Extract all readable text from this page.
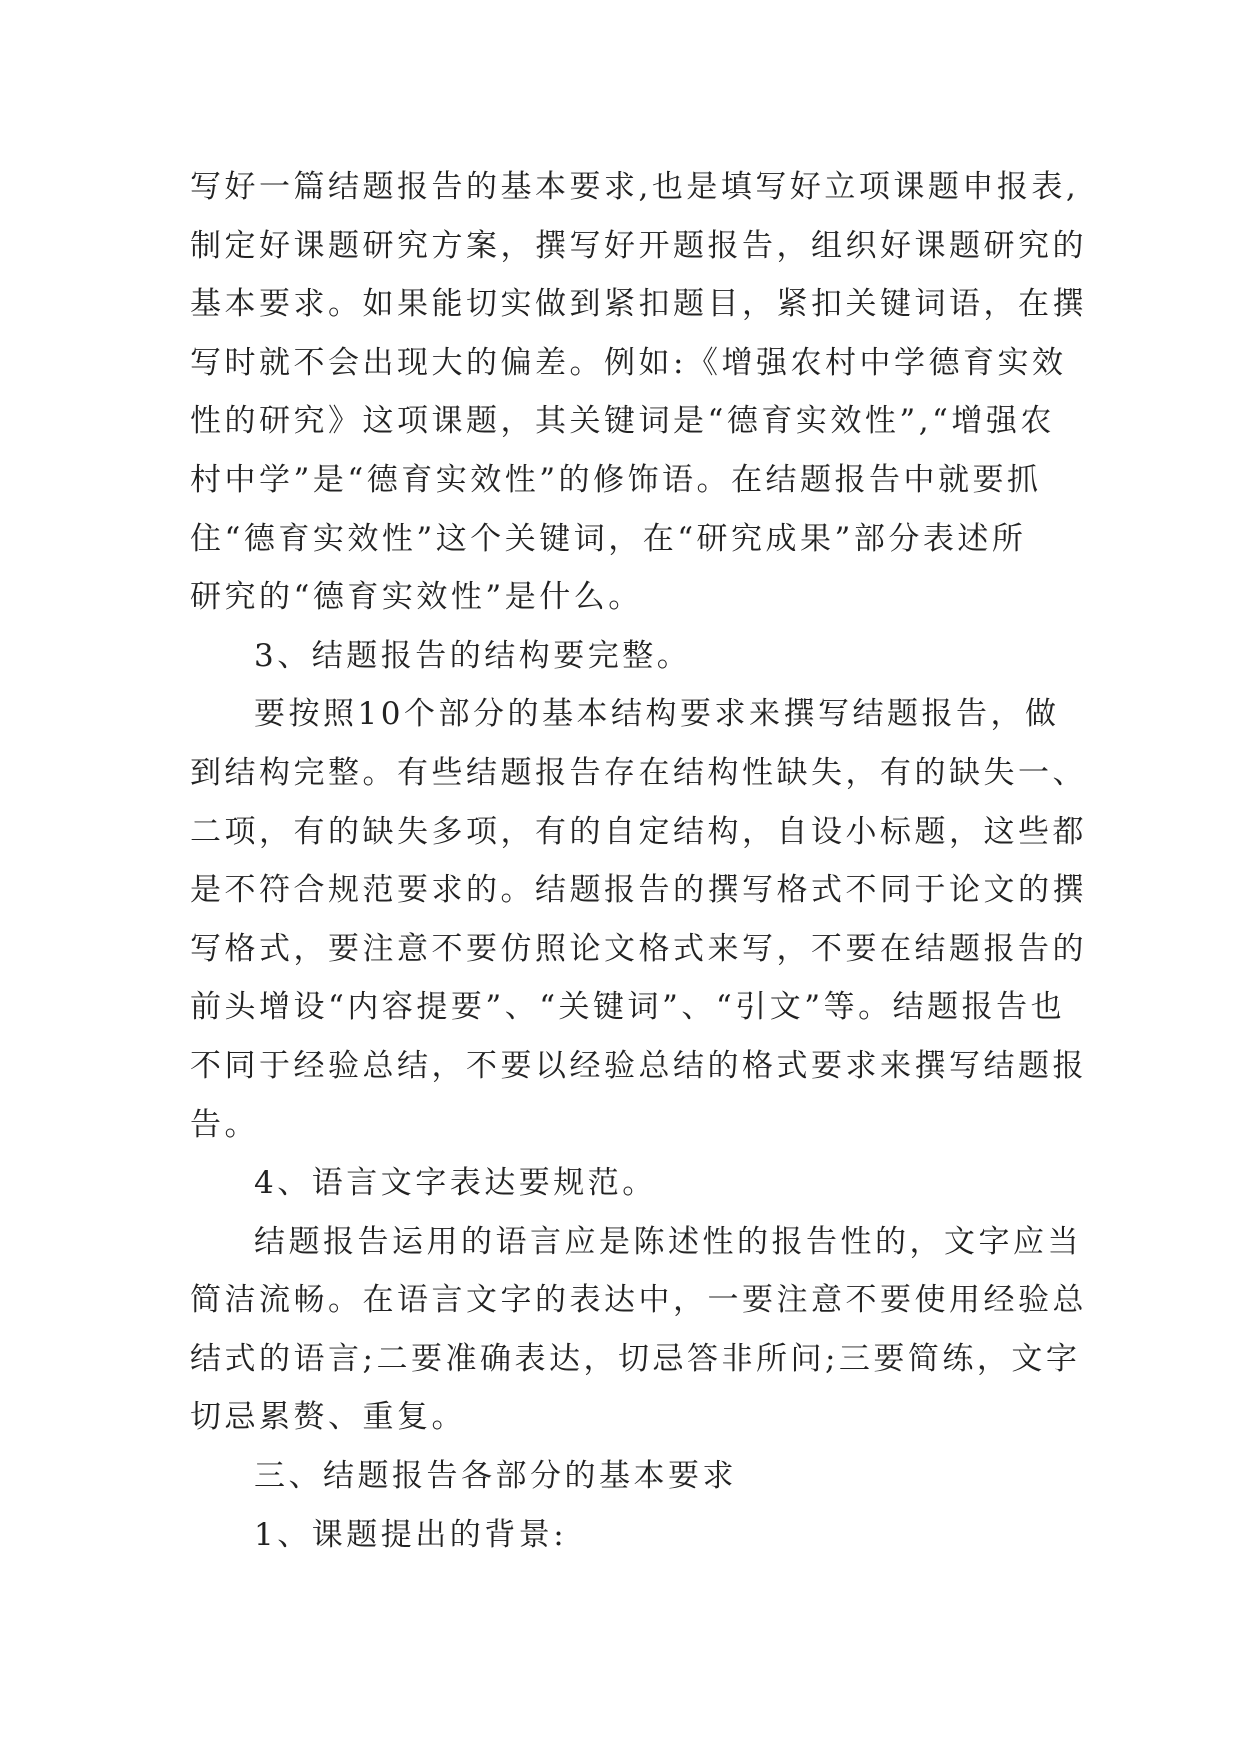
写好一篇结题报告的基本要求,也是填写好立项课题申报表,
制定好课题研究方案，撰写好开题报告，组织好课题研究的
基本要求。如果能切实做到紧扣题目，紧扣关键词语，在撰
写时就不会出现大的偏差。例如:《增强农村中学德育实效
性的研究》这项课题，其关键词是“德育实效性”,“增强农
村中学”是“德育实效性”的修饰语。在结题报告中就要抓
住“德育实效性”这个关键词，在“研究成果”部分表述所
研究的“德育实效性”是什么。
3、结题报告的结构要完整。
要按照10个部分的基本结构要求来撰写结题报告，做
到结构完整。有些结题报告存在结构性缺失，有的缺失一、
二项，有的缺失多项，有的自定结构，自设小标题，这些都
是不符合规范要求的。结题报告的撰写格式不同于论文的撰
写格式，要注意不要仿照论文格式来写，不要在结题报告的
前头增设“内容提要”、“关键词”、“引文”等。结题报告也
不同于经验总结，不要以经验总结的格式要求来撰写结题报
告。
4、语言文字表达要规范。
结题报告运用的语言应是陈述性的报告性的，文字应当
简洁流畅。在语言文字的表达中，一要注意不要使用经验总
结式的语言;二要准确表达，切忌答非所问;三要简练，文字
切忌累赘、重复。
三、结题报告各部分的基本要求
1、课题提出的背景:
